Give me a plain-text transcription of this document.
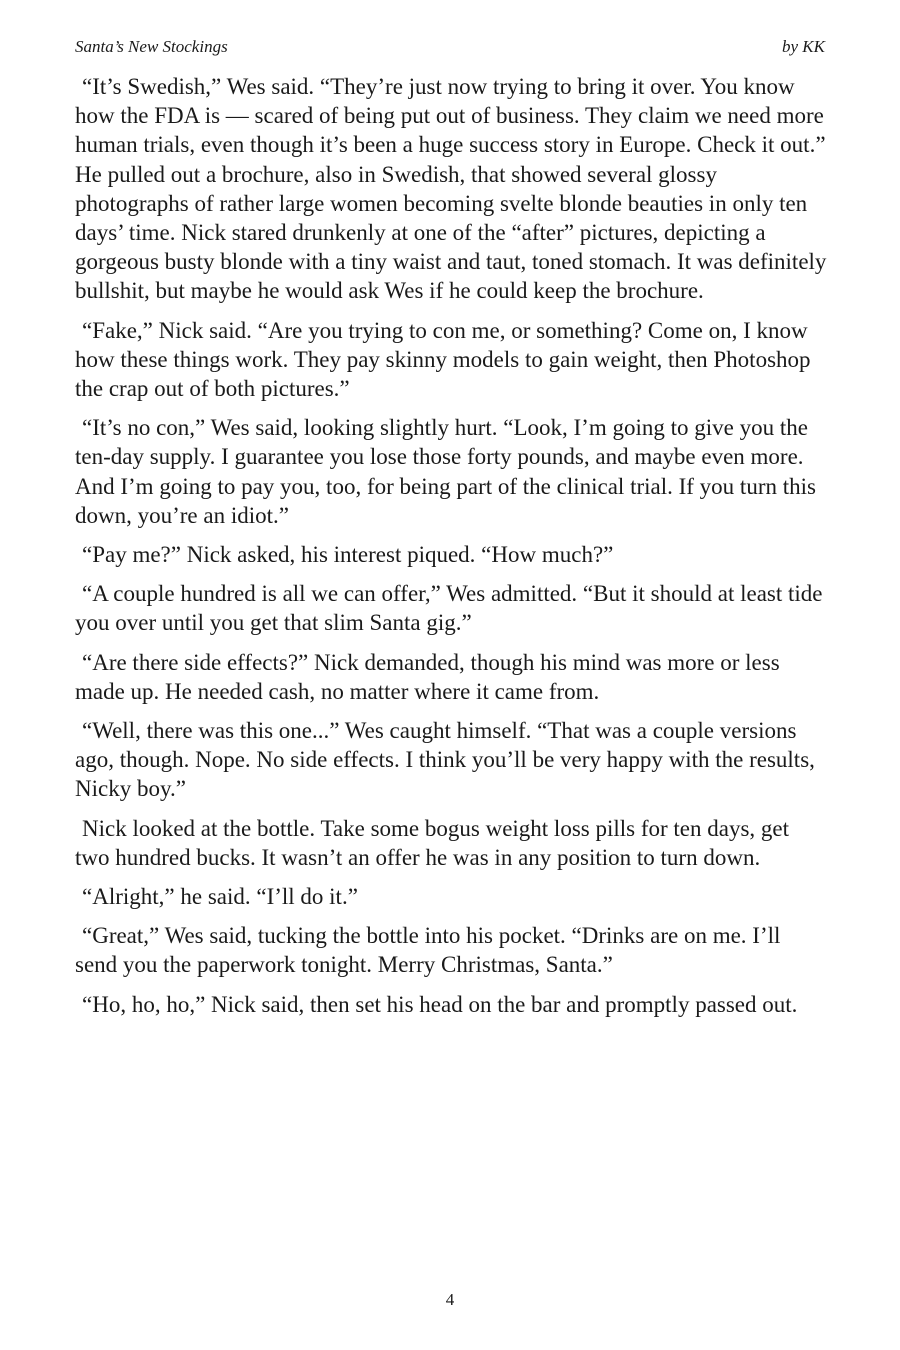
Santa’s New Stockings	by KK

“It’s Swedish,” Wes said. “They’re just now trying to bring it over. You know how the FDA is — scared of being put out of business. They claim we need more human trials, even though it’s been a huge success story in Europe. Check it out.” He pulled out a brochure, also in Swedish, that showed several glossy photographs of rather large women becoming svelte blonde beauties in only ten days’ time. Nick stared drunkenly at one of the “after” pictures, depicting a gorgeous busty blonde with a tiny waist and taut, toned stomach. It was definitely bullshit, but maybe he would ask Wes if he could keep the brochure.

“Fake,” Nick said. “Are you trying to con me, or something? Come on, I know how these things work. They pay skinny models to gain weight, then Photoshop the crap out of both pictures.”

“It’s no con,” Wes said, looking slightly hurt. “Look, I’m going to give you the ten-day supply. I guarantee you lose those forty pounds, and maybe even more. And I’m going to pay you, too, for being part of the clinical trial. If you turn this down, you’re an idiot.”

“Pay me?” Nick asked, his interest piqued. “How much?”

“A couple hundred is all we can offer,” Wes admitted. “But it should at least tide you over until you get that slim Santa gig.”

“Are there side effects?” Nick demanded, though his mind was more or less made up. He needed cash, no matter where it came from.

“Well, there was this one...” Wes caught himself. “That was a couple versions ago, though. Nope. No side effects. I think you’ll be very happy with the results, Nicky boy.”

Nick looked at the bottle. Take some bogus weight loss pills for ten days, get two hundred bucks. It wasn’t an offer he was in any position to turn down.

“Alright,” he said. “I’ll do it.”

“Great,” Wes said, tucking the bottle into his pocket. “Drinks are on me. I’ll send you the paperwork tonight. Merry Christmas, Santa.”

“Ho, ho, ho,” Nick said, then set his head on the bar and promptly passed out.

4
